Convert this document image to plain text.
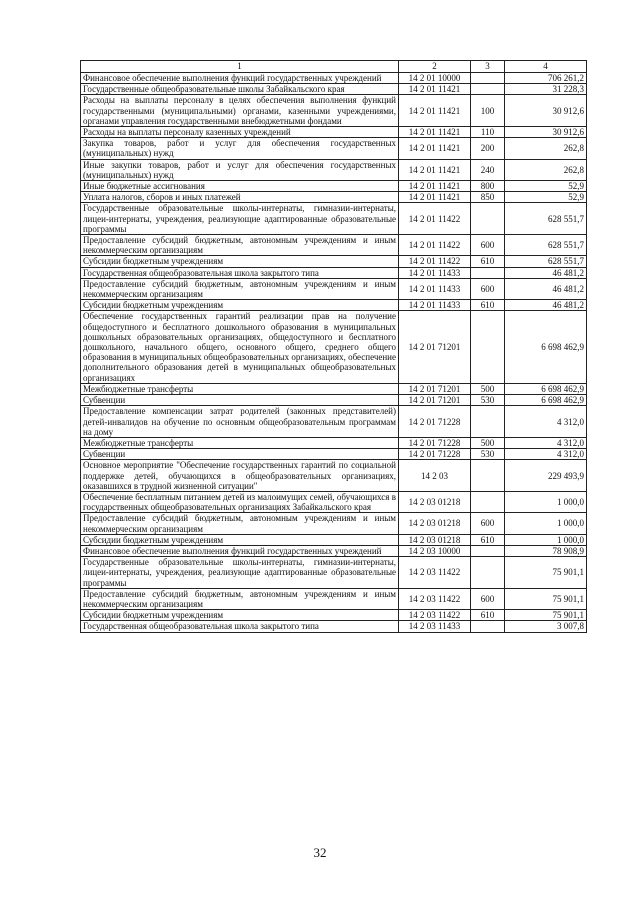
1	2	3	4
Финансовое обеспечение выполнения функций государственных учреждений	14 2 01 10000		706 261,2
Государственные общеобразовательные школы Забайкальского края	14 2 01 11421		31 228,3
Расходы на выплаты персоналу в целях обеспечения выполнения функций государственными (муниципальными) органами, казенными учреждениями, органами управления государственными внебюджетными фондами	14 2 01 11421	100	30 912,6
Расходы на выплаты персоналу казенных учреждений	14 2 01 11421	110	30 912,6
Закупка товаров, работ и услуг для обеспечения государственных (муниципальных) нужд	14 2 01 11421	200	262,8
Иные закупки товаров, работ и услуг для обеспечения государственных (муниципальных) нужд	14 2 01 11421	240	262,8
Иные бюджетные ассигнования	14 2 01 11421	800	52,9
Уплата налогов, сборов и иных платежей	14 2 01 11421	850	52,9
Государственные образовательные школы-интернаты, гимназии-интернаты, лицеи-интернаты, учреждения, реализующие адаптированные образовательные программы	14 2 01 11422		628 551,7
Предоставление субсидий бюджетным, автономным учреждениям и иным некоммерческим организациям	14 2 01 11422	600	628 551,7
Субсидии бюджетным учреждениям	14 2 01 11422	610	628 551,7
Государственная общеобразовательная школа закрытого типа	14 2 01 11433		46 481,2
Предоставление субсидий бюджетным, автономным учреждениям и иным некоммерческим организациям	14 2 01 11433	600	46 481,2
Субсидии бюджетным учреждениям	14 2 01 11433	610	46 481,2
Обеспечение государственных гарантий реализации прав на получение общедоступного и бесплатного дошкольного образования в муниципальных дошкольных образовательных организациях, общедоступного и бесплатного дошкольного, начального общего, основного общего, среднего общего образования в муниципальных общеобразовательных организациях, обеспечение дополнительного образования детей в муниципальных общеобразовательных организациях	14 2 01 71201		6 698 462,9
Межбюджетные трансферты	14 2 01 71201	500	6 698 462,9
Субвенции	14 2 01 71201	530	6 698 462,9
Предоставление компенсации затрат родителей (законных представителей) детей-инвалидов на обучение по основным общеобразовательным программам на дому	14 2 01 71228		4 312,0
Межбюджетные трансферты	14 2 01 71228	500	4 312,0
Субвенции	14 2 01 71228	530	4 312,0
Основное мероприятие "Обеспечение государственных гарантий по социальной поддержке детей, обучающихся в общеобразовательных организациях, оказавшихся в трудной жизненной ситуации"	14 2 03		229 493,9
Обеспечение бесплатным питанием детей из малоимущих семей, обучающихся в государственных общеобразовательных организациях Забайкальского края	14 2 03 01218		1 000,0
Предоставление субсидий бюджетным, автономным учреждениям и иным некоммерческим организациям	14 2 03 01218	600	1 000,0
Субсидии бюджетным учреждениям	14 2 03 01218	610	1 000,0
Финансовое обеспечение выполнения функций государственных учреждений	14 2 03 10000		78 908,9
Государственные образовательные школы-интернаты, гимназии-интернаты, лицеи-интернаты, учреждения, реализующие адаптированные образовательные программы	14 2 03 11422		75 901,1
Предоставление субсидий бюджетным, автономным учреждениям и иным некоммерческим организациям	14 2 03 11422	600	75 901,1
Субсидии бюджетным учреждениям	14 2 03 11422	610	75 901,1
Государственная общеобразовательная школа закрытого типа	14 2 03 11433		3 007,8
32
